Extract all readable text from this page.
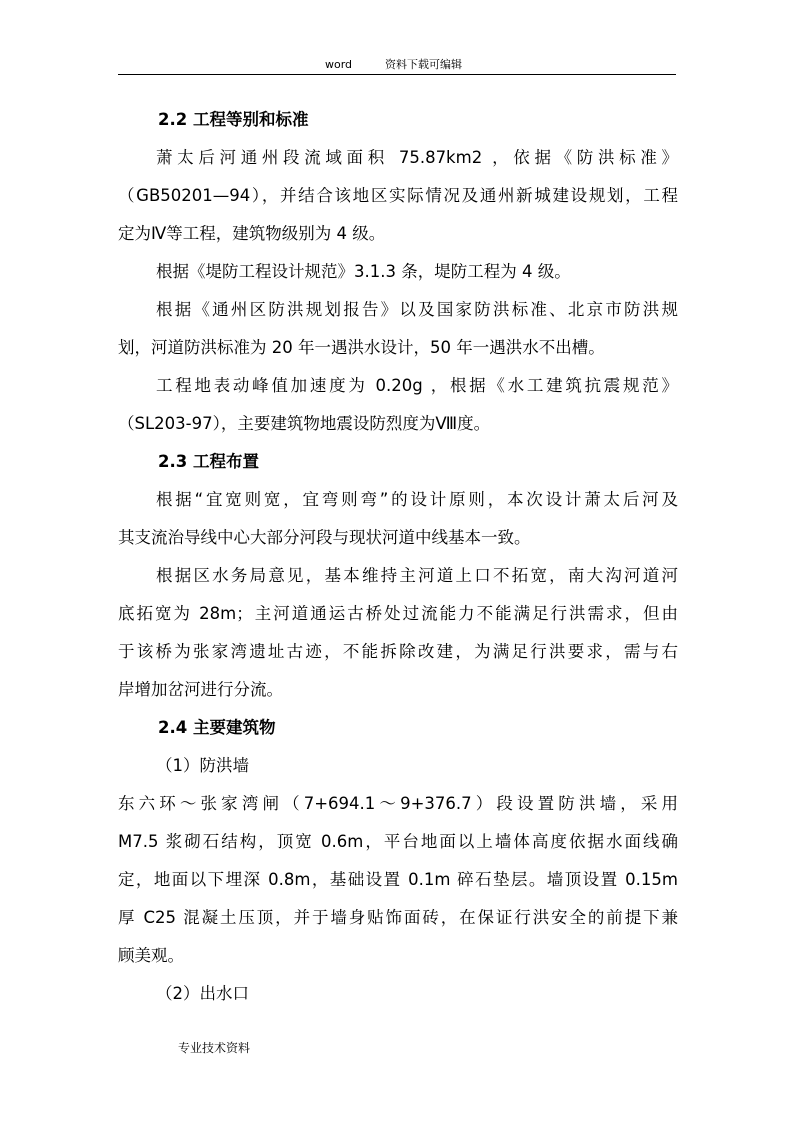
word	资料下载可编辑
2.2 工程等别和标准
萧太后河通州段流域面积 75.87km2 ，依据《防洪标准》
（GB50201—94），并结合该地区实际情况及通州新城建设规划，工程
定为Ⅳ等工程，建筑物级别为 4 级。
根据《堤防工程设计规范》3.1.3 条，堤防工程为 4 级。
根据《通州区防洪规划报告》以及国家防洪标准、北京市防洪规
划，河道防洪标准为 20 年一遇洪水设计，50 年一遇洪水不出槽。
工程地表动峰值加速度为 0.20g ，根据《水工建筑抗震规范》
（SL203-97），主要建筑物地震设防烈度为Ⅷ度。
2.3 工程布置
根据“宜宽则宽，宜弯则弯”的设计原则，本次设计萧太后河及
其支流治导线中心大部分河段与现状河道中线基本一致。
根据区水务局意见，基本维持主河道上口不拓宽，南大沟河道河
底拓宽为 28m；主河道通运古桥处过流能力不能满足行洪需求，但由
于该桥为张家湾遗址古迹，不能拆除改建，为满足行洪要求，需与右
岸增加岔河进行分流。
2.4 主要建筑物
（1）防洪墙
东六环～张家湾闸（7+694.1～9+376.7）段设置防洪墙，采用
M7.5 浆砌石结构，顶宽 0.6m，平台地面以上墙体高度依据水面线确
定，地面以下埋深 0.8m，基础设置 0.1m 碎石垫层。墙顶设置 0.15m
厚 C25 混凝土压顶，并于墙身贴饰面砖，在保证行洪安全的前提下兼
顾美观。
（2）出水口
专业技术资料
